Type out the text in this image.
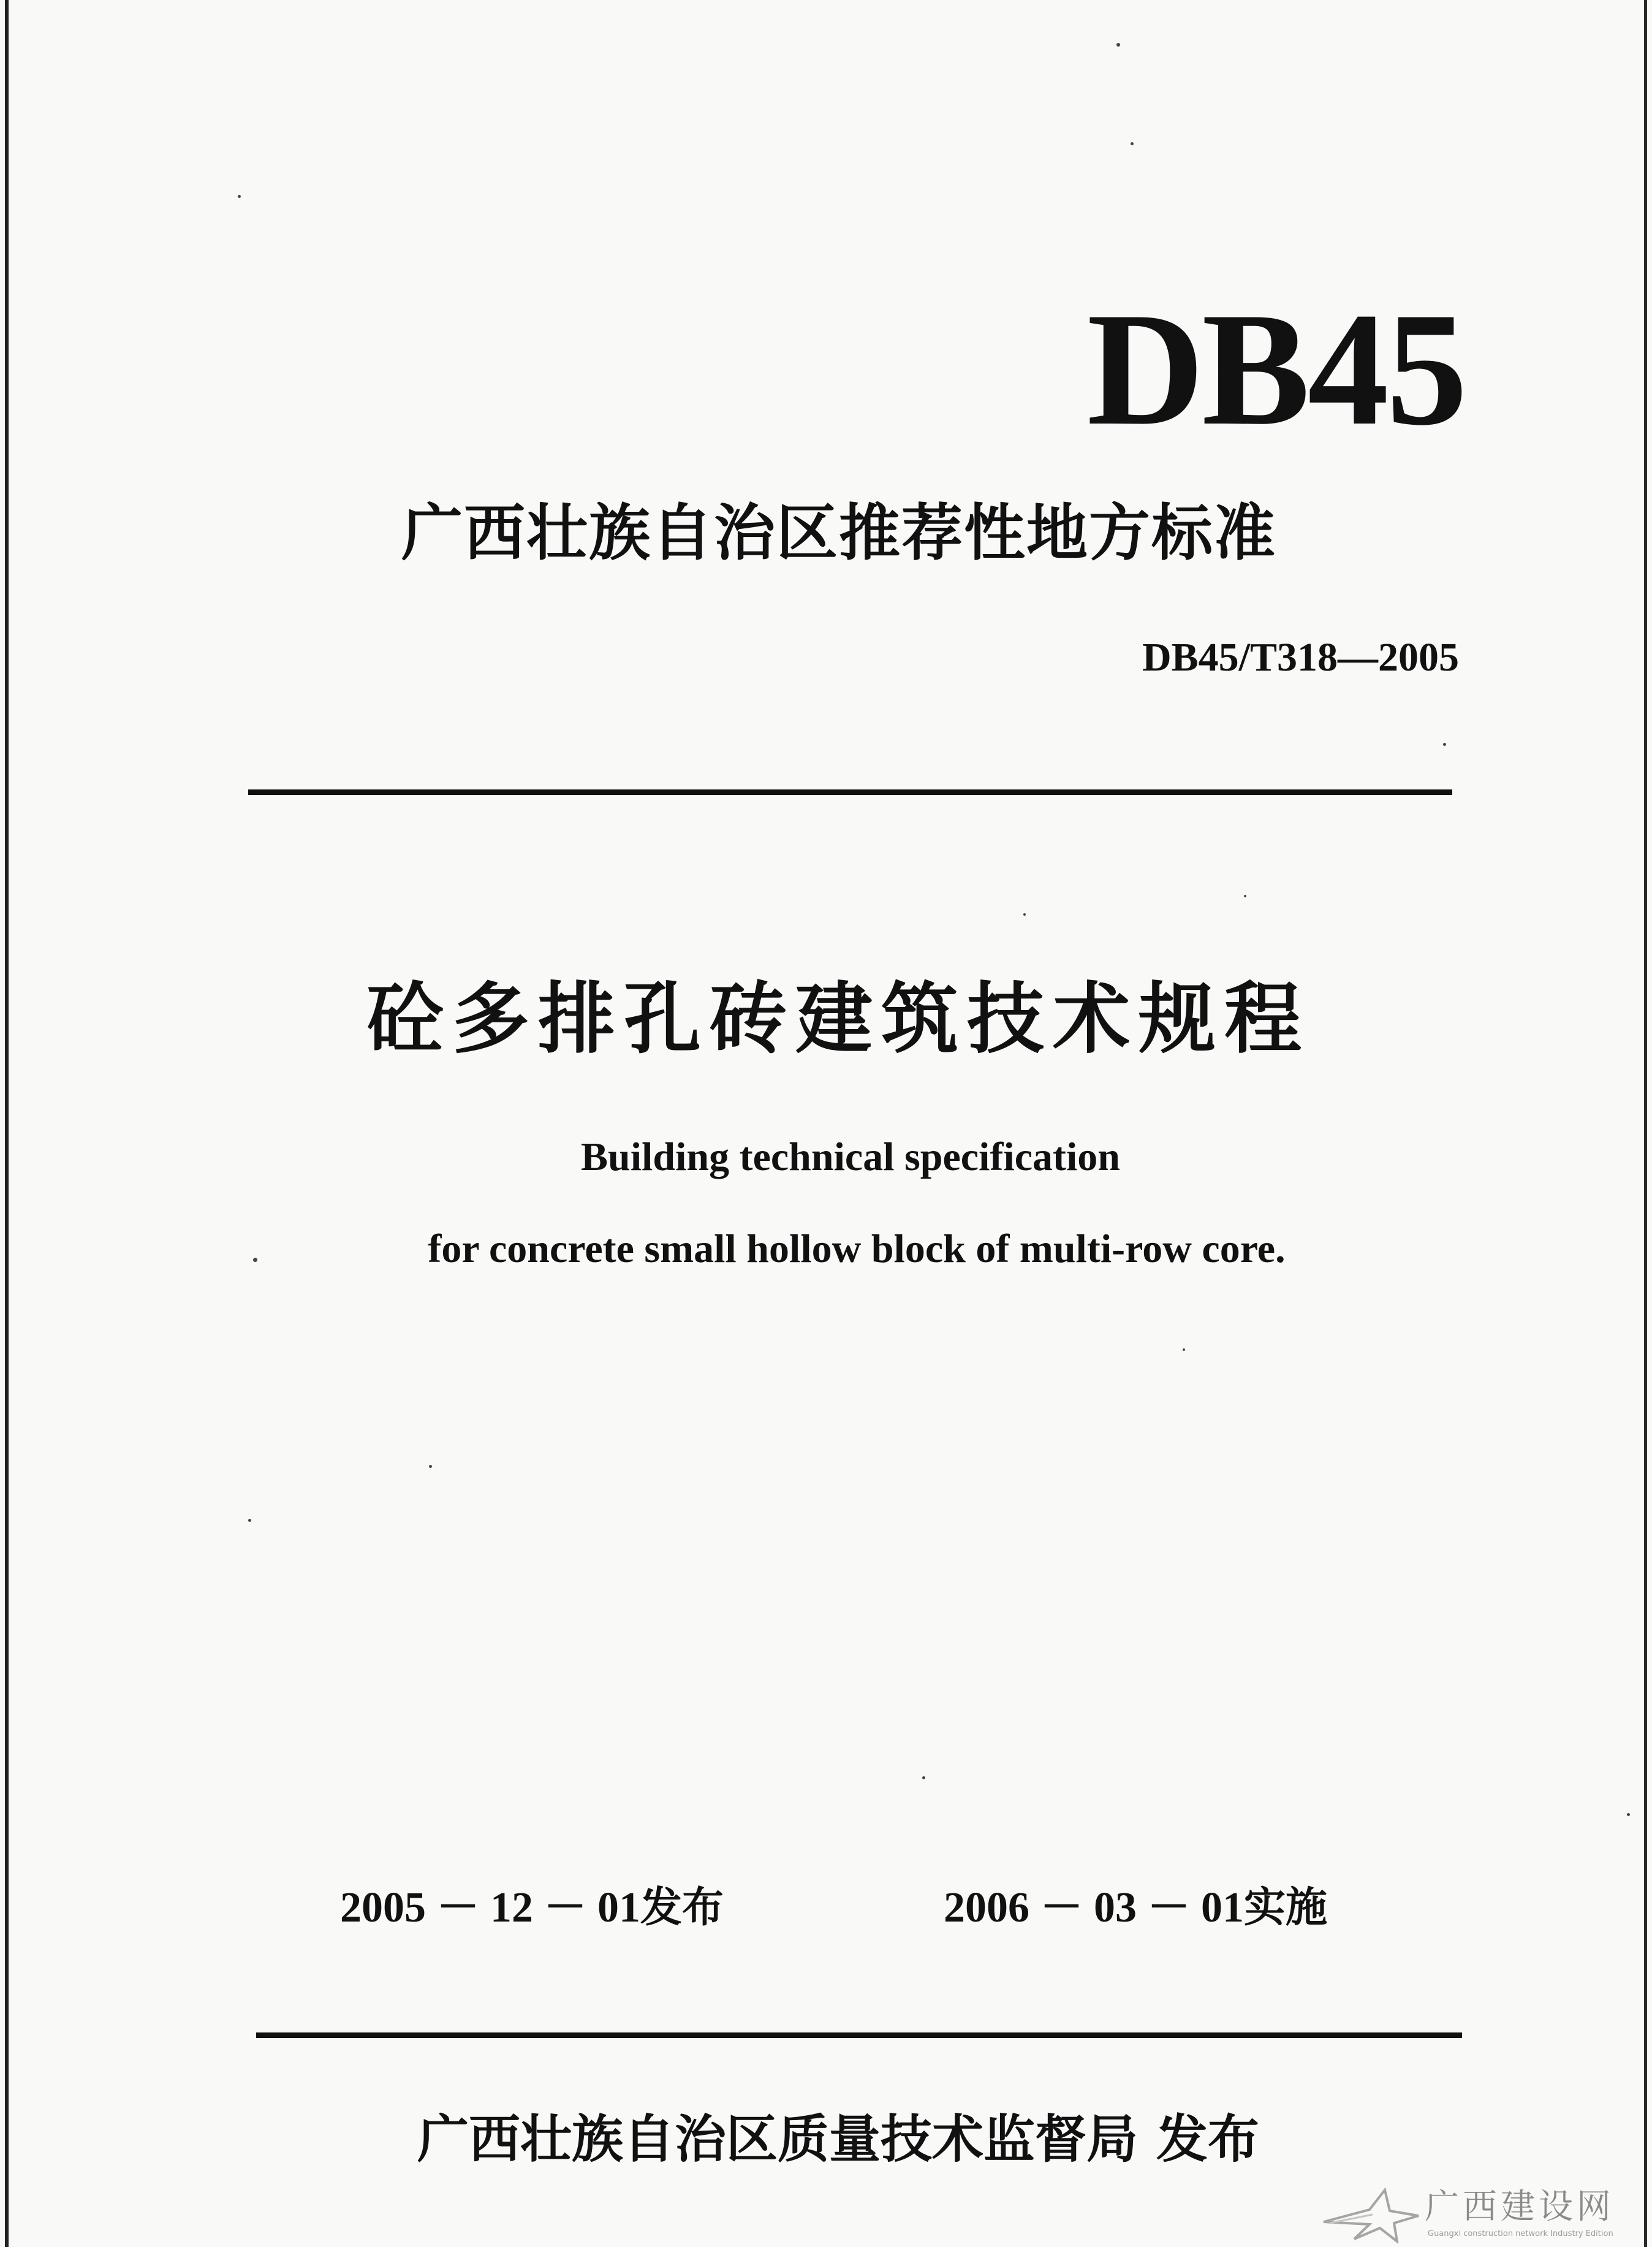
DB45
广西壮族自治区推荐性地方标准
DB45/T318—2005
砼多排孔砖建筑技术规程
Building technical specification
for concrete small hollow block of multi-row core.
2005 － 12 － 01发布	2006 － 03 － 01实施
广西壮族自治区质量技术监督局 发布
广西建设网
Guangxi construction network Industry Edition
